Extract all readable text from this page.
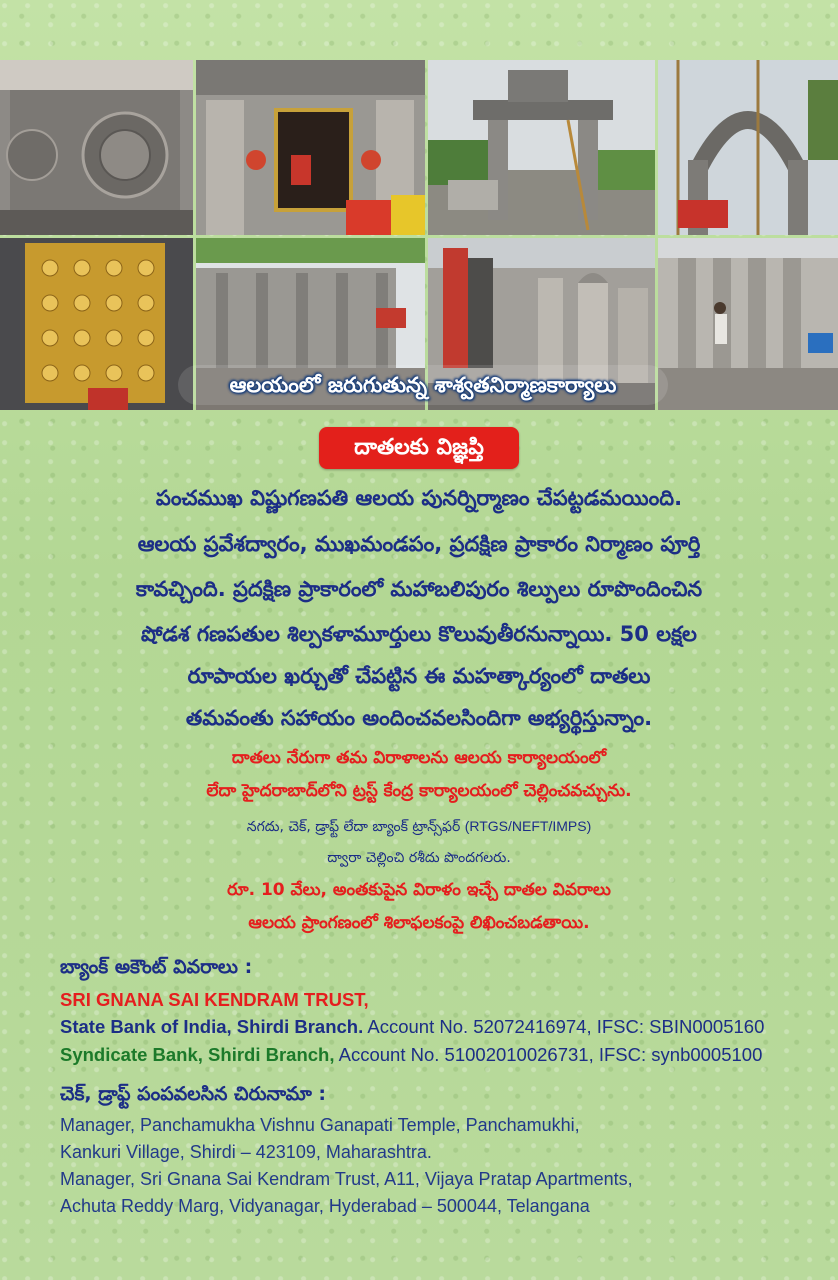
ఆలయంలో జరుగుతున్న శాశ్వతనిర్మాణకార్యాలు
దాతలకు విజ్ఞప్తి
పంచముఖ విష్ణుగణపతి ఆలయ పునర్నిర్మాణం చేపట్టడమయింది.
ఆలయ ప్రవేశద్వారం, ముఖమండపం, ప్రదక్షిణ ప్రాకారం నిర్మాణం పూర్తి
కావచ్చింది. ప్రదక్షిణ ప్రాకారంలో మహాబలిపురం శిల్పులు రూపొందించిన
షోడశ గణపతుల శిల్పకళామూర్తులు కొలువుతీరనున్నాయి. 50 లక్షల
రూపాయల ఖర్చుతో చేపట్టిన ఈ మహత్కార్యంలో దాతలు
తమవంతు సహాయం అందించవలసిందిగా అభ్యర్థిస్తున్నాం.
దాతలు నేరుగా తమ విరాళాలను ఆలయ కార్యాలయంలో
లేదా హైదరాబాద్‌లోని ట్రస్ట్ కేంద్ర కార్యాలయంలో చెల్లించవచ్చును.
నగదు, చెక్, డ్రాఫ్ట్ లేదా బ్యాంక్ ట్రాన్స్‌ఫర్ (RTGS/NEFT/IMPS)
ద్వారా చెల్లించి రశీదు పొందగలరు.
రూ. 10 వేలు, అంతకుపైన విరాళం ఇచ్చే దాతల వివరాలు
ఆలయ ప్రాంగణంలో శిలాఫలకంపై లిఖించబడతాయి.
బ్యాంక్ అకౌంట్ వివరాలు :
SRI GNANA SAI KENDRAM TRUST,
State Bank of India, Shirdi Branch. Account No. 52072416974, IFSC: SBIN0005160
Syndicate Bank, Shirdi Branch, Account No. 51002010026731, IFSC: synb0005100
చెక్, డ్రాఫ్ట్ పంపవలసిన చిరునామా :
Manager, Panchamukha Vishnu Ganapati Temple, Panchamukhi,
Kankuri Village, Shirdi – 423109, Maharashtra.
Manager, Sri Gnana Sai Kendram Trust, A11, Vijaya Pratap Apartments,
Achuta Reddy Marg, Vidyanagar, Hyderabad – 500044, Telangana
